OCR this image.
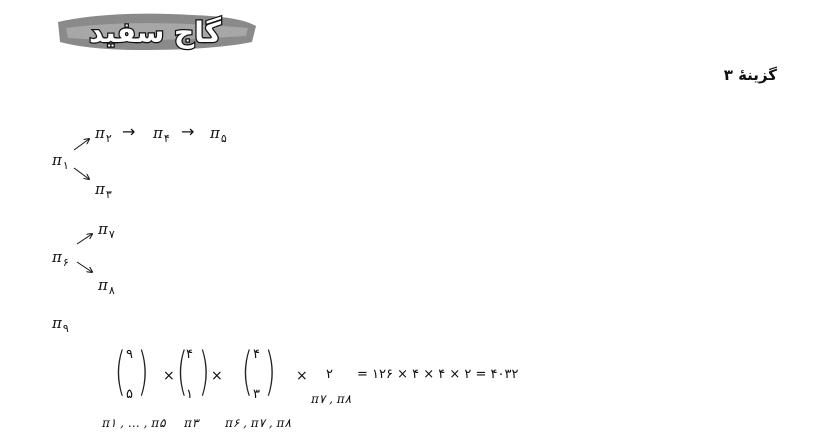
گاج سفید
گزینهٔ ۳
$\pi_۱$
$\pi_۲ \to \pi_۴ \to \pi_۵$
$\pi_۳$
$\pi_۷$
$\pi_۶$
$\pi_۸$
$\pi_۹$
( ۹
۵ ) × (
۴
۱ ) × ( ۴
۳ ) × ۲ = ۱۲۶ × ۴ × ۴ × ۲ = ۴۰۳۲
π۱ , … , π۵ π۳ π۶ , π۷ , π۸
π۷ , π۸
